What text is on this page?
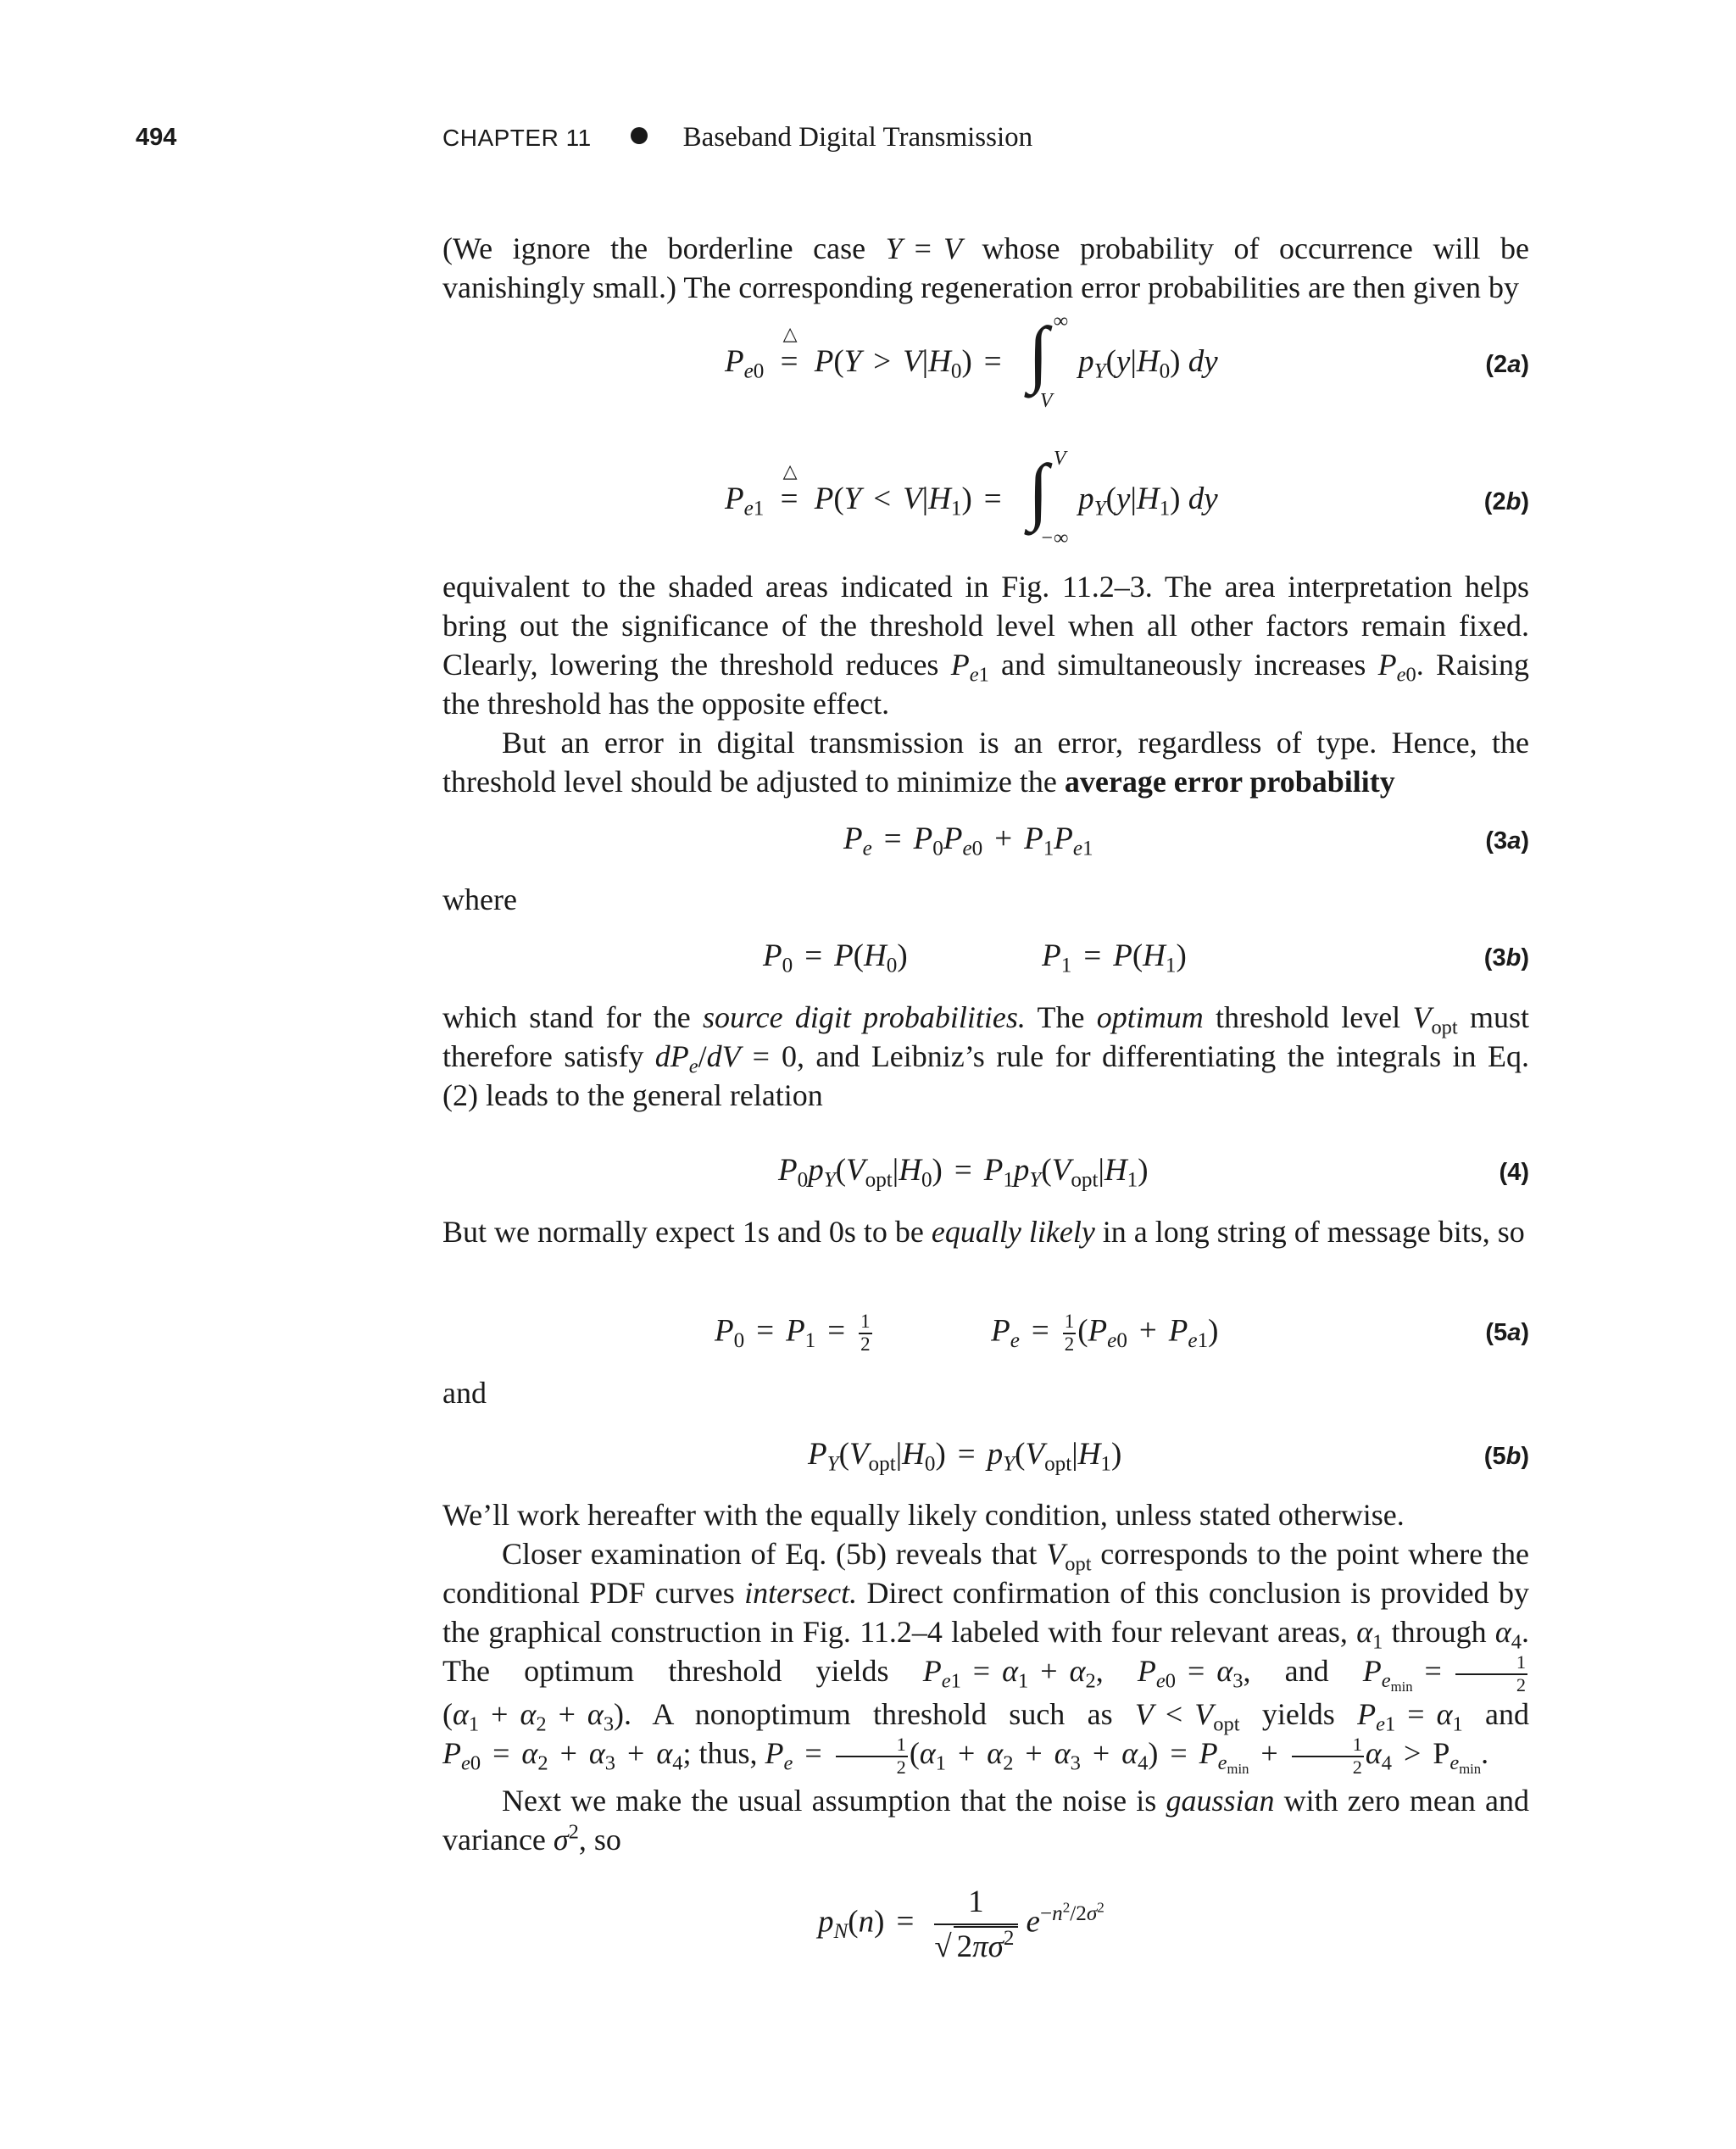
494	CHAPTER 11	Baseband Digital Transmission
(We ignore the borderline case Y = V whose probability of occurrence will be vanishingly small.) The corresponding regeneration error probabilities are then given by
$P_{e0}$
△
= $P(Y > V|H_0)$ = ∫ ∞
V
$p_Y(y|H_0)$ dy	(2a)
$P_{e1}$
△
= $P(Y < V|H_1)$ = ∫ V
−∞
$p_Y(y|H_1)$ dy	(2b)
equivalent to the shaded areas indicated in Fig. 11.2–3. The area interpretation helps bring out the significance of the threshold level when all other factors remain fixed. Clearly, lowering the threshold reduces $P_{e1}$ and simultaneously increases $P_{e0}$. Raising the threshold has the opposite effect.
But an error in digital transmission is an error, regardless of type. Hence, the threshold level should be adjusted to minimize the average error probability
$P_e = P_0P_{e0} + P_1P_{e1}$	(3a)
where
$P_0 = P(H_0)$	$P_1 = P(H_1)$	(3b)
which stand for the source digit probabilities. The optimum threshold level $V_{opt}$ must therefore satisfy $dP_e/dV = 0$, and Leibniz’s rule for differentiating the integrals in Eq. (2) leads to the general relation
$P_0p_Y(V_{opt}|H_0) = P_1p_Y(V_{opt}|H_1)$	(4)
But we normally expect 1s and 0s to be equally likely in a long string of message bits, so
$P_0 = P_1 = \frac{1}{2}$	$P_e = \frac{1}{2} (P_{e0} + P_{e1})$	(5a)
and
$P_Y(V_{opt}|H_0) = p_Y(V_{opt}|H_1)$	(5b)
We’ll work hereafter with the equally likely condition, unless stated otherwise.
Closer examination of Eq. (5b) reveals that $V_{opt}$ corresponds to the point where the conditional PDF curves intersect. Direct confirmation of this conclusion is provided by the graphical construction in Fig. 11.2–4 labeled with four relevant areas, $\alpha_1$ through $\alpha_4$. The optimum threshold yields $P_{e1} = \alpha_1 + \alpha_2$, $P_{e0} = \alpha_3$, and $P_{e_{min}} = \frac{1}{2}$
$(\alpha_1 + \alpha_2 + \alpha_3)$. A nonoptimum threshold such as $V < V_{opt}$ yields $P_{e1} = \alpha_1$ and $P_{e0} = \alpha_2 + \alpha_3 + \alpha_4$; thus, $P_e = \frac{1}{2} (\alpha_1 + \alpha_2 + \alpha_3 + \alpha_4) = P_{e_{min}} + \frac{1}{2} \alpha_4 > P_{e_{min}}$.
Next we make the usual assumption that the noise is gaussian with zero mean and variance $\sigma^2$, so
$p_N(n) = \frac{1}{√ 2\pi\sigma^2} e^{-n^2/2\sigma^2}$
